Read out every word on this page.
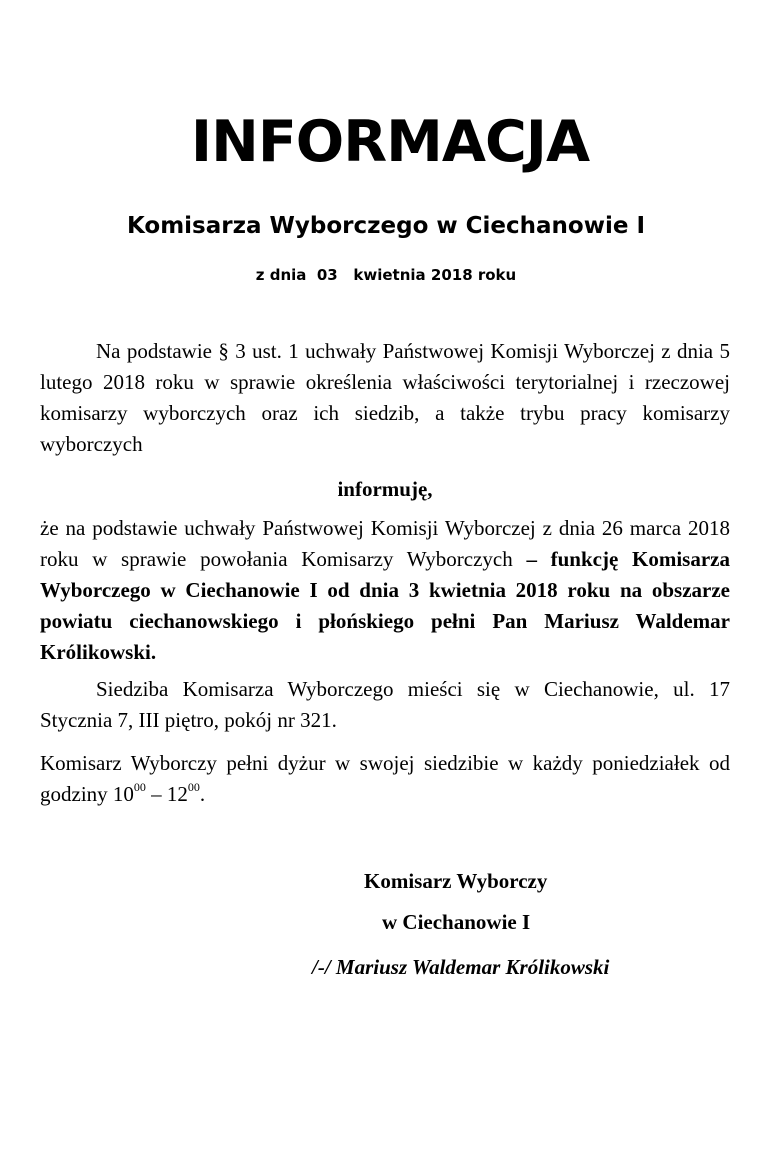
INFORMACJA
Komisarza Wyborczego w Ciechanowie I
z dnia  03   kwietnia 2018 roku
Na podstawie § 3 ust. 1 uchwały Państwowej Komisji Wyborczej z dnia 5 lutego 2018 roku w sprawie określenia właściwości terytorialnej i rzeczowej komisarzy wyborczych oraz ich siedzib, a także trybu pracy komisarzy wyborczych
informuję,
że na podstawie uchwały Państwowej Komisji Wyborczej z dnia 26 marca 2018 roku w sprawie powołania Komisarzy Wyborczych – funkcję Komisarza Wyborczego w Ciechanowie I od dnia 3 kwietnia 2018 roku na obszarze powiatu ciechanowskiego i płońskiego pełni Pan Mariusz Waldemar Królikowski.
Siedziba Komisarza Wyborczego mieści się w Ciechanowie, ul. 17 Stycznia 7, III piętro, pokój nr 321.
Komisarz Wyborczy pełni dyżur w swojej siedzibie w każdy poniedziałek od godziny $10^{00} - 12^{00}$.
Komisarz Wyborczy
w Ciechanowie I
/-/ Mariusz Waldemar Królikowski
